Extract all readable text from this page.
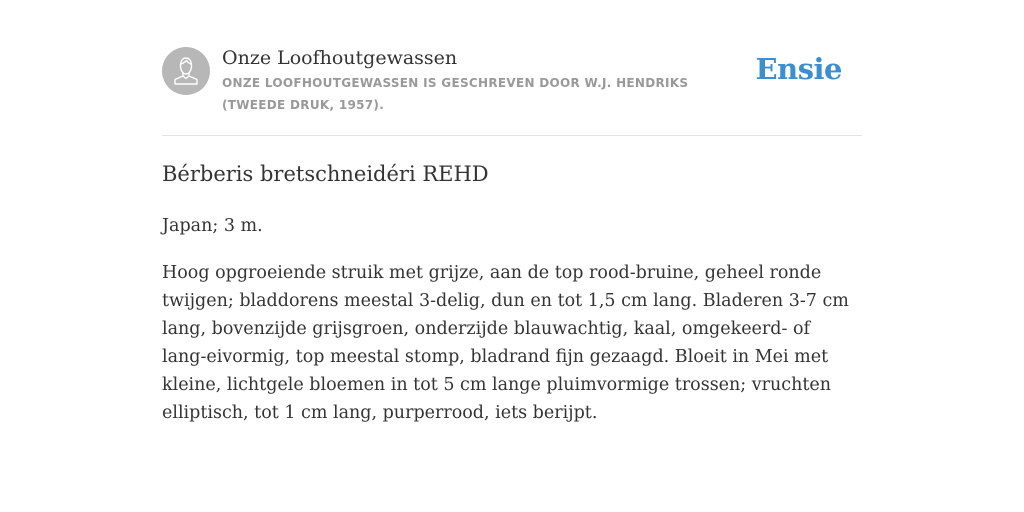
Onze Loofhoutgewassen
ONZE LOOFHOUTGEWASSEN IS GESCHREVEN DOOR W.J. HENDRIKS (TWEEDE DRUK, 1957).
Ensie
Bérberis bretschneidéri REHD

Japan; 3 m.

Hoog opgroeiende struik met grijze, aan de top rood-bruine, geheel ronde twijgen; bladdorens meestal 3-delig, dun en tot 1,5 cm lang. Bladeren 3-7 cm lang, bovenzijde grijsgroen, onderzijde blauwachtig, kaal, omgekeerd- of lang-eivormig, top meestal stomp, bladrand fijn gezaagd. Bloeit in Mei met kleine, lichtgele bloemen in tot 5 cm lange pluimvormige trossen; vruchten elliptisch, tot 1 cm lang, purperrood, iets berijpt.
